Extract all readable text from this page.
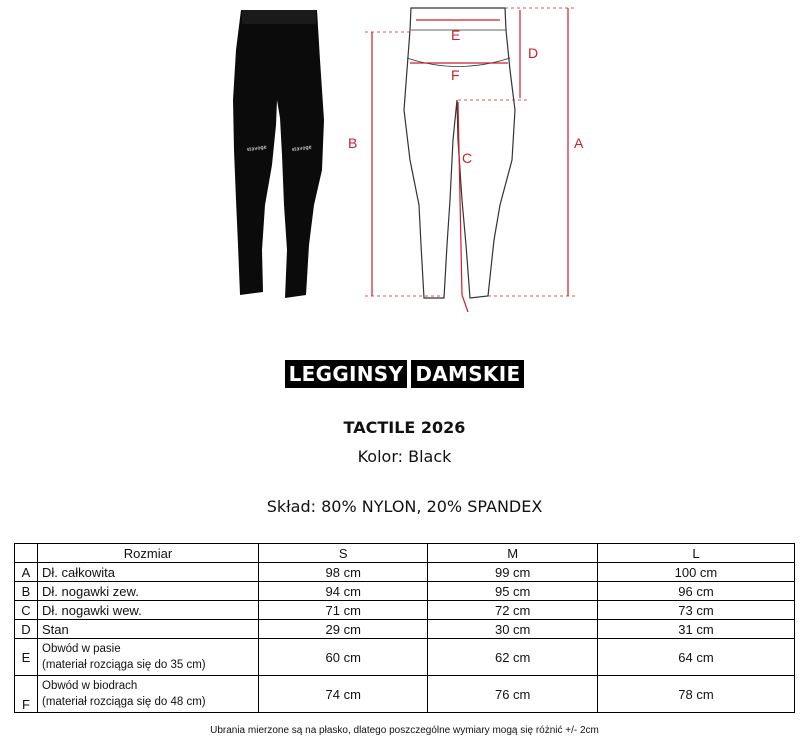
stavoge	stavoge	A
B
C
D
E
F
LEGGINSY DAMSKIE
TACTILE 2026
Kolor: Black
Skład: 80% NYLON, 20% SPANDEX
	Rozmiar	S	M	L
A	Dł. całkowita	98 cm	99 cm	100 cm
B	Dł. nogawki zew.	94 cm	95 cm	96 cm
C	Dł. nogawki wew.	71 cm	72 cm	73 cm
D	Stan	29 cm	30 cm	31 cm
E	Obwód w pasie
(materiał rozciąga się do 35 cm)	60 cm	62 cm	64 cm
F	Obwód w biodrach
(materiał rozciąga się do 48 cm)	74 cm	76 cm	78 cm
Ubrania mierzone są na płasko, dlatego poszczególne wymiary mogą się różnić +/- 2cm
